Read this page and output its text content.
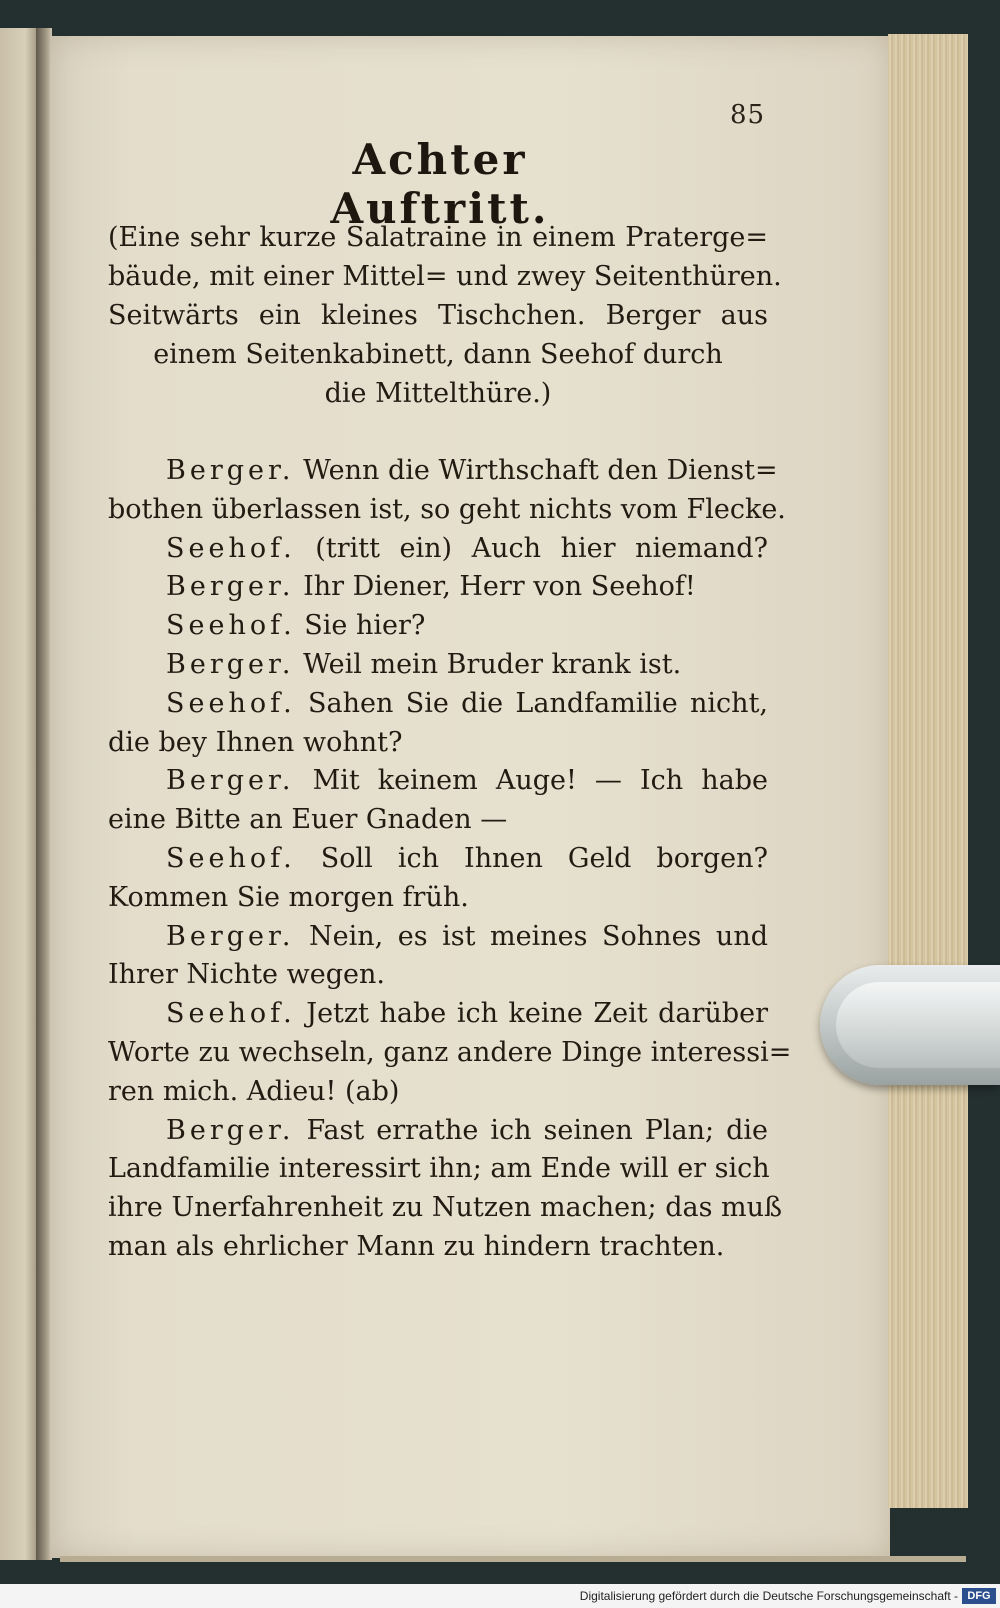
85
Achter Auftritt.
(Eine sehr kurze Salatraine in einem Praterge=
bäude, mit einer Mittel= und zwey Seitenthüren.
Seitwärts ein kleines Tischchen. Berger aus
einem Seitenkabinett, dann Seehof durch
die Mittelthüre.)
Berger. Wenn die Wirthschaft den Dienst=
bothen überlassen ist, so geht nichts vom Flecke.
Seehof. (tritt ein) Auch hier niemand?
Berger. Ihr Diener, Herr von Seehof!
Seehof. Sie hier?
Berger. Weil mein Bruder krank ist.
Seehof. Sahen Sie die Landfamilie nicht,
die bey Ihnen wohnt?
Berger. Mit keinem Auge! — Ich habe
eine Bitte an Euer Gnaden —
Seehof. Soll ich Ihnen Geld borgen?
Kommen Sie morgen früh.
Berger. Nein, es ist meines Sohnes und
Ihrer Nichte wegen.
Seehof. Jetzt habe ich keine Zeit darüber
Worte zu wechseln, ganz andere Dinge interessi=
ren mich. Adieu! (ab)
Berger. Fast errathe ich seinen Plan; die
Landfamilie interessirt ihn; am Ende will er sich
ihre Unerfahrenheit zu Nutzen machen; das muß
man als ehrlicher Mann zu hindern trachten.
Digitalisierung gefördert durch die Deutsche Forschungsgemeinschaft - DFG
